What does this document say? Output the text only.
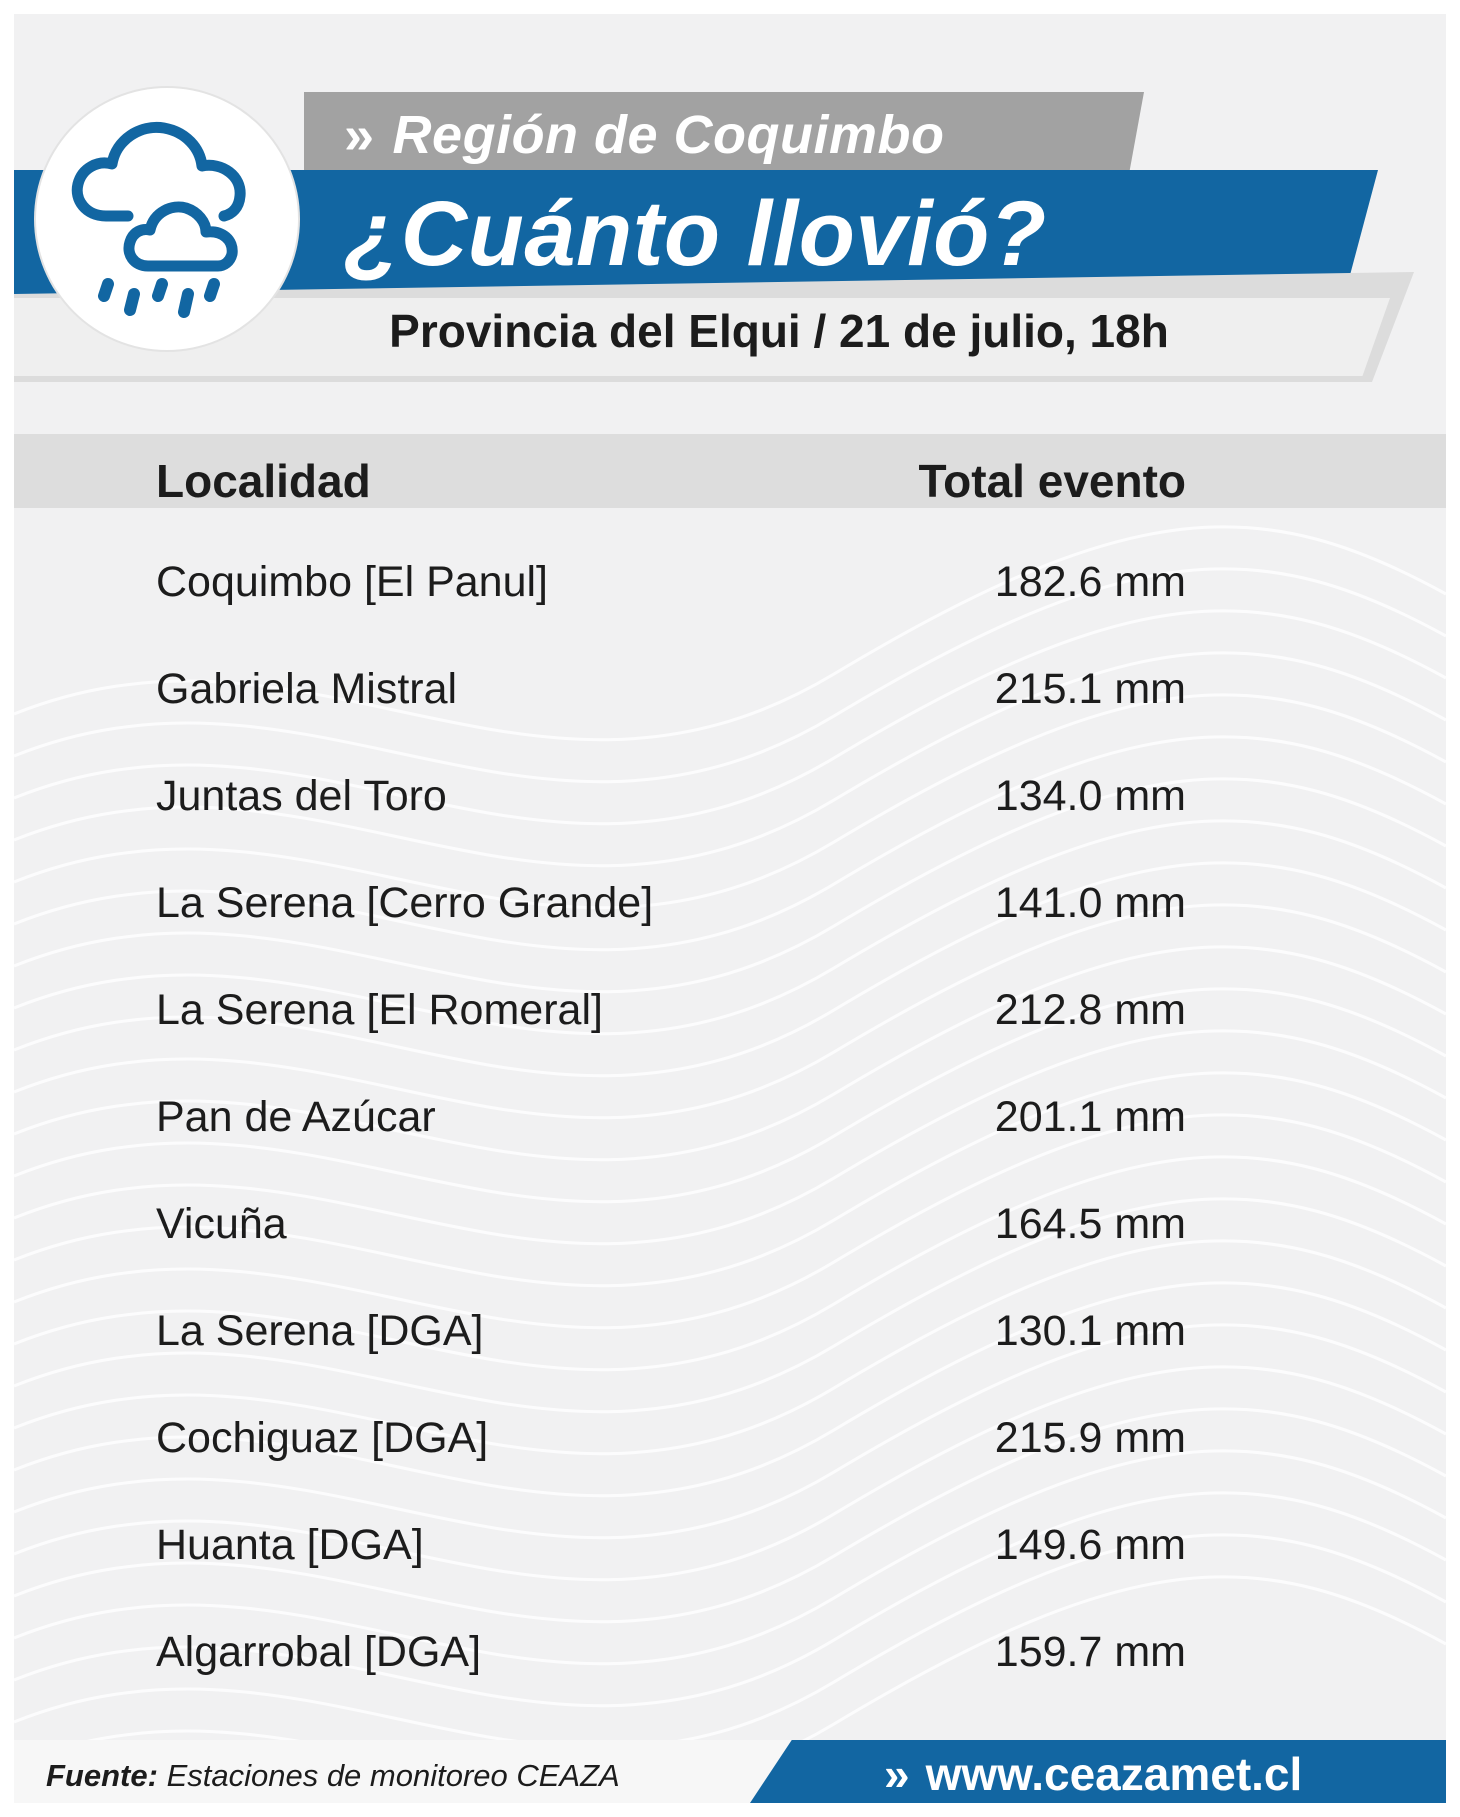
» Región de Coquimbo
¿Cuánto llovió?
Provincia del Elqui / 21 de julio, 18h
Localidad	Total evento
Coquimbo [El Panul]	182.6 mm
Gabriela Mistral	215.1 mm
Juntas del Toro	134.0 mm
La Serena [Cerro Grande]	141.0 mm
La Serena [El Romeral]	212.8 mm
Pan de Azúcar	201.1 mm
Vicuña	164.5 mm
La Serena [DGA]	130.1 mm
Cochiguaz [DGA]	215.9 mm
Huanta [DGA]	149.6 mm
Algarrobal [DGA]	159.7 mm
Fuente: Estaciones de monitoreo CEAZA	» www.ceazamet.cl
